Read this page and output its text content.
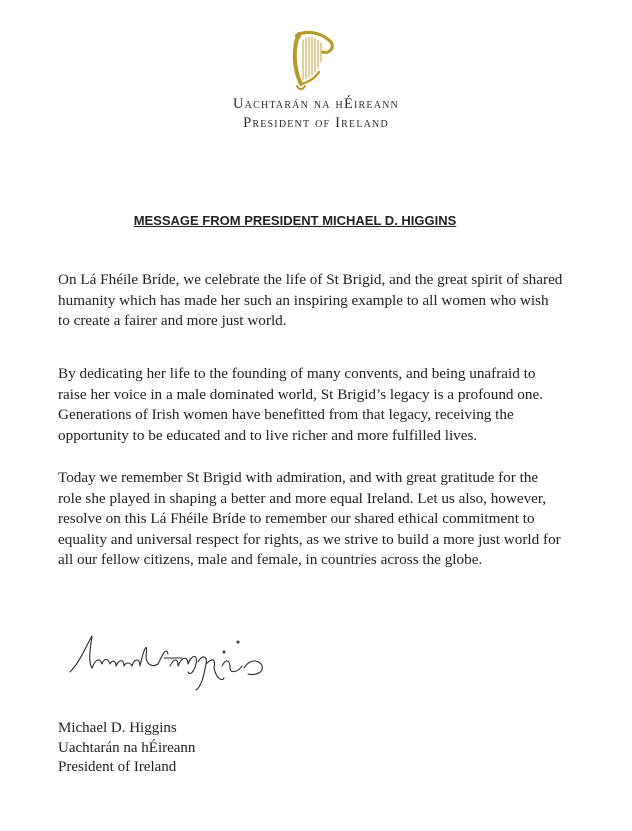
Uachtarán na hÉireann
President of Ireland
MESSAGE FROM PRESIDENT MICHAEL D. HIGGINS

On Lá Fhéile Bríde, we celebrate the life of St Brigid, and the great spirit of shared humanity which has made her such an inspiring example to all women who wish to create a fairer and more just world.

By dedicating her life to the founding of many convents, and being unafraid to raise her voice in a male dominated world, St Brigid’s legacy is a profound one. Generations of Irish women have benefitted from that legacy, receiving the opportunity to be educated and to live richer and more fulfilled lives.

Today we remember St Brigid with admiration, and with great gratitude for the role she played in shaping a better and more equal Ireland. Let us also, however, resolve on this Lá Fhéile Bríde to remember our shared ethical commitment to equality and universal respect for rights, as we strive to build a more just world for all our fellow citizens, male and female, in countries across the globe.

Michael D. Higgins
Uachtarán na hÉireann
President of Ireland
